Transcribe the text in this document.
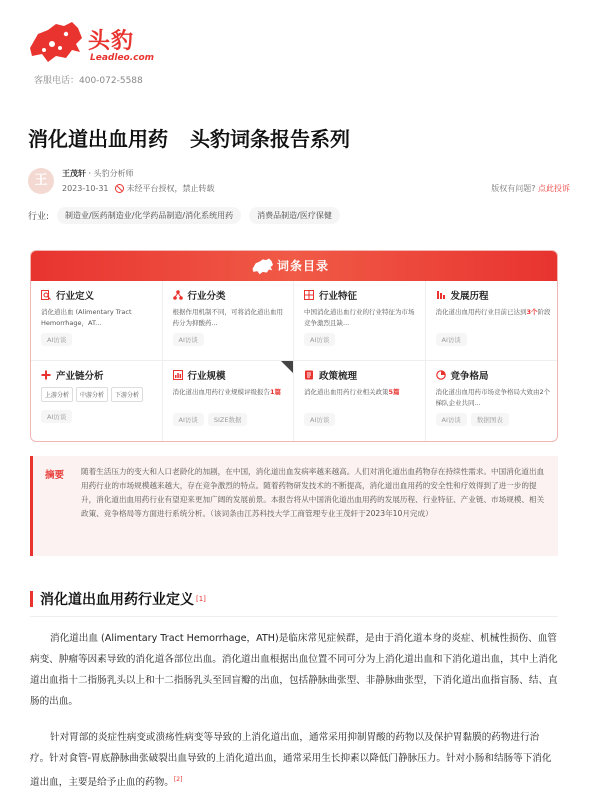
头豹
Leadleo.com
客服电话：400-072-5588
消化道出血用药 头豹词条报告系列
王	王茂轩 · 头豹分析师
2023-10-31 未经平台授权，禁止转载	版权有问题? 点此投诉
行业:	制造业/医药制造业/化学药品制造/消化系统用药	消费品制造/医疗保健
词条目录
行业定义
消化道出血 (Alimentary Tract Hemorrhage，AT...
AI访谈
行业分类
根据作用机制不同，可将消化道出血用药分为抑酸药...
AI访谈
行业特征
中国消化道出血行业的行业特征为市场竞争激烈且缺...
AI访谈
发展历程
消化道出血用药行业目前已达到3个阶段
AI访谈
产业链分析
上游分析	中游分析	下游分析
AI访谈
行业规模
消化道出血用药行业规模评级报告1篇
AI访谈	SIZE数据
政策梳理
消化道出血用药行业相关政策5篇
AI访谈
竞争格局
消化道出血用药市场竞争格局大致由2个梯队企业共同...
AI访谈	数据图表
摘要 随着生活压力的变大和人口老龄化的加剧，在中国，消化道出血发病率越来越高。人们对消化道出血药物存在持续性需求。中国消化道出血用药行业的市场规模越来越大，存在竞争激烈的特点。随着药物研发技术的不断提高，消化道出血用药的安全性和疗效得到了进一步的提升，消化道出血用药行业有望迎来更加广阔的发展前景。本报告将从中国消化道出血用药的发展历程、行业特征、产业链、市场规模、相关政策、竞争格局等方面进行系统分析。（该词条由江苏科技大学工商管理专业王茂轩于2023年10月完成）
消化道出血用药行业定义 [1]
消化道出血 (Alimentary Tract Hemorrhage，ATH)是临床常见症候群，是由于消化道本身的炎症、机械性损伤、血管病变、肿瘤等因素导致的消化道各部位出血。消化道出血根据出血位置不同可分为上消化道出血和下消化道出血，其中上消化道出血指十二指肠乳头以上和十二指肠乳头至回盲瓣的出血，包括静脉曲张型、非静脉曲张型，下消化道出血指盲肠、结、直肠的出血。
针对胃部的炎症性病变或溃疡性病变等导致的上消化道出血，通常采用抑制胃酸的药物以及保护胃黏膜的药物进行治疗。针对食管-胃底静脉曲张破裂出血导致的上消化道出血，通常采用生长抑素以降低门静脉压力。针对小肠和结肠等下消化道出血，主要是给予止血的药物。[2]
